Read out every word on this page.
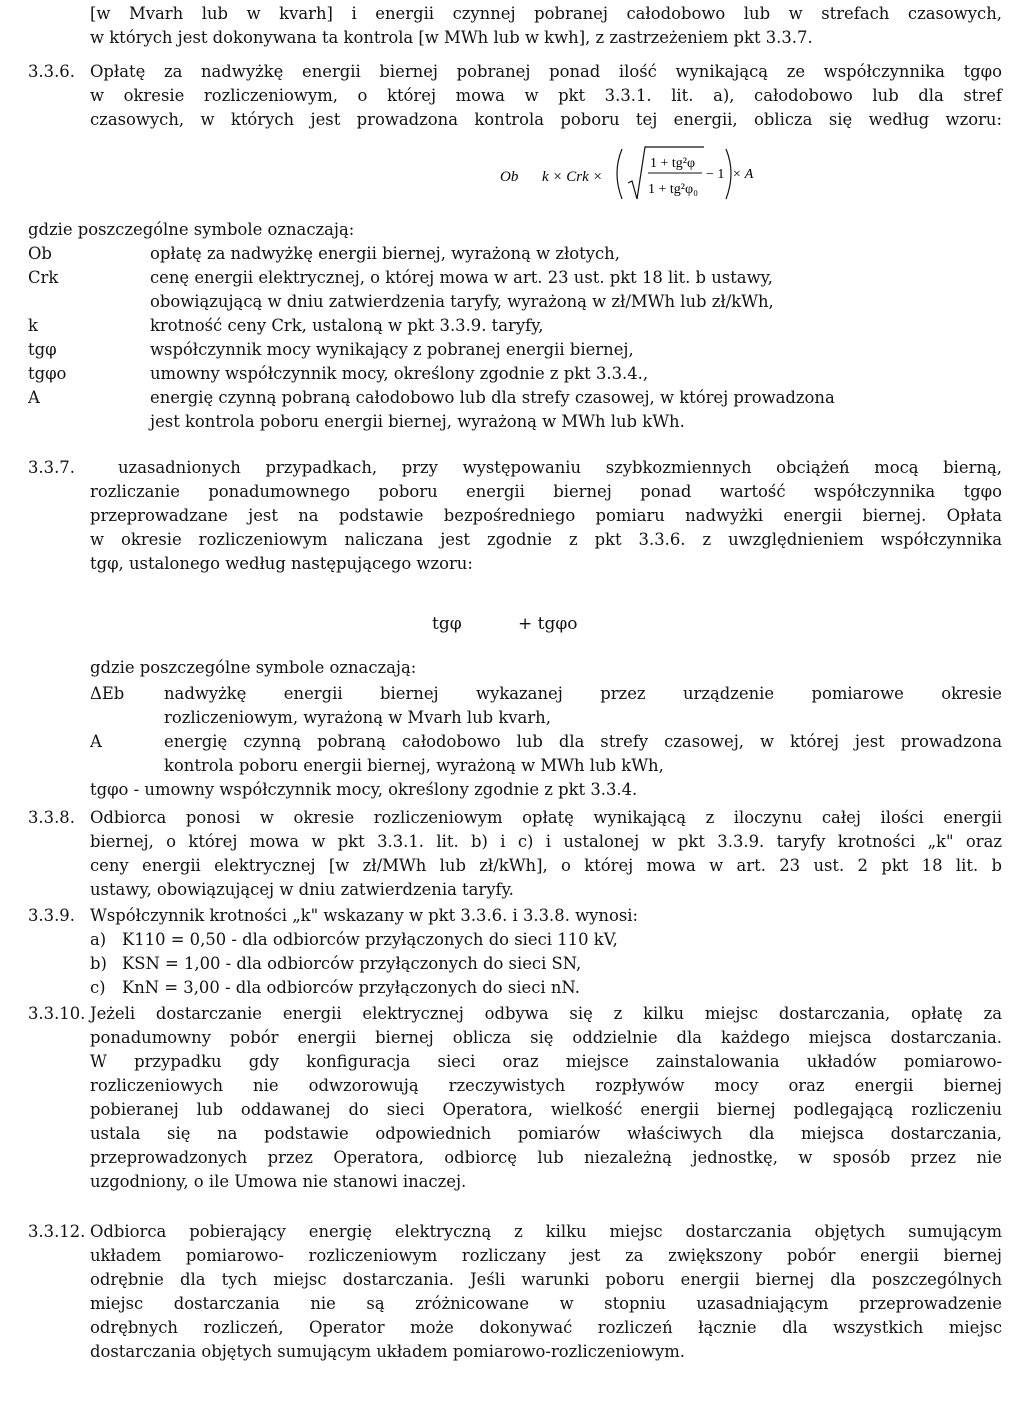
[w Mvarh lub w kvarh] i energii czynnej pobranej całodobowo lub w strefach czasowych,

w których jest dokonywana ta kontrola [w MWh lub w kwh], z zastrzeżeniem pkt 3.3.7.

3.3.6. Opłatę za nadwyżkę energii biernej pobranej ponad ilość wynikającą ze współczynnika tgφo

w okresie rozliczeniowym, o której mowa w pkt 3.3.1. lit. a), całodobowo lub dla stref

czasowych, w których jest prowadzona kontrola poboru tej energii, oblicza się według wzoru:

Ob k × Crk ×
1 + tg²φ
1 + tg²φ₀
− 1 × A

gdzie poszczególne symbole oznaczają:

Ob	opłatę za nadwyżkę energii biernej, wyrażoną w złotych,
Crk	cenę energii elektrycznej, o której mowa w art. 23 ust. pkt 18 lit. b ustawy,
obowiązującą w dniu zatwierdzenia taryfy, wyrażoną w zł/MWh lub zł/kWh,
k	krotność ceny Crk, ustaloną w pkt 3.3.9. taryfy,
tgφ	współczynnik mocy wynikający z pobranej energii biernej,
tgφo	umowny współczynnik mocy, określony zgodnie z pkt 3.3.4.,
A	energię czynną pobraną całodobowo lub dla strefy czasowej, w której prowadzona
jest kontrola poboru energii biernej, wyrażoną w MWh lub kWh.
3.3.7.	uzasadnionych przypadkach, przy występowaniu szybkozmiennych obciążeń mocą bierną,

rozliczanie ponadumownego poboru energii biernej ponad wartość współczynnika tgφo

przeprowadzane jest na podstawie bezpośredniego pomiaru nadwyżki energii biernej. Opłata

w okresie rozliczeniowym naliczana jest zgodnie z pkt 3.3.6. z uwzględnieniem współczynnika

tgφ, ustalonego według następującego wzoru:

tgφ	+ tgφo

gdzie poszczególne symbole oznaczają:

ΔEb	nadwyżkę energii biernej wykazanej przez urządzenie pomiarowe okresie
rozliczeniowym, wyrażoną w Mvarh lub kvarh,
A	energię czynną pobraną całodobowo lub dla strefy czasowej, w której jest prowadzona
kontrola poboru energii biernej, wyrażoną w MWh lub kWh,

tgφo - umowny współczynnik mocy, określony zgodnie z pkt 3.3.4.

3.3.8. Odbiorca ponosi w okresie rozliczeniowym opłatę wynikającą z iloczynu całej ilości energii

biernej, o której mowa w pkt 3.3.1. lit. b) i c) i ustalonej w pkt 3.3.9. taryfy krotności „k" oraz

ceny energii elektrycznej [w zł/MWh lub zł/kWh], o której mowa w art. 23 ust. 2 pkt 18 lit. b

ustawy, obowiązującej w dniu zatwierdzenia taryfy.

3.3.9. Współczynnik krotności „k" wskazany w pkt 3.3.6. i 3.3.8. wynosi:

a) K110 = 0,50 - dla odbiorców przyłączonych do sieci 110 kV,
b) KSN = 1,00 - dla odbiorców przyłączonych do sieci SN,
c)	KnN = 3,00 - dla odbiorców przyłączonych do sieci nN.
3.3.10. Jeżeli dostarczanie energii elektrycznej odbywa się z kilku miejsc dostarczania, opłatę za

ponadumowny pobór energii biernej oblicza się oddzielnie dla każdego miejsca dostarczania.

W przypadku gdy konfiguracja sieci oraz miejsce zainstalowania układów pomiarowo-

rozliczeniowych nie odwzorowują rzeczywistych rozpływów mocy oraz energii biernej

pobieranej lub oddawanej do sieci Operatora, wielkość energii biernej podlegającą rozliczeniu

ustala się na podstawie odpowiednich pomiarów właściwych dla miejsca dostarczania,

przeprowadzonych przez Operatora, odbiorcę lub niezależną jednostkę, w sposób przez nie

uzgodniony, o ile Umowa nie stanowi inaczej.

3.3.12. Odbiorca pobierający energię elektryczną z kilku miejsc dostarczania objętych sumującym

układem pomiarowo- rozliczeniowym rozliczany jest za zwiększony pobór energii biernej

odrębnie dla tych miejsc dostarczania. Jeśli warunki poboru energii biernej dla poszczególnych

miejsc dostarczania nie są zróżnicowane w stopniu uzasadniającym przeprowadzenie

odrębnych rozliczeń, Operator może dokonywać rozliczeń łącznie dla wszystkich miejsc

dostarczania objętych sumującym układem pomiarowo-rozliczeniowym.
